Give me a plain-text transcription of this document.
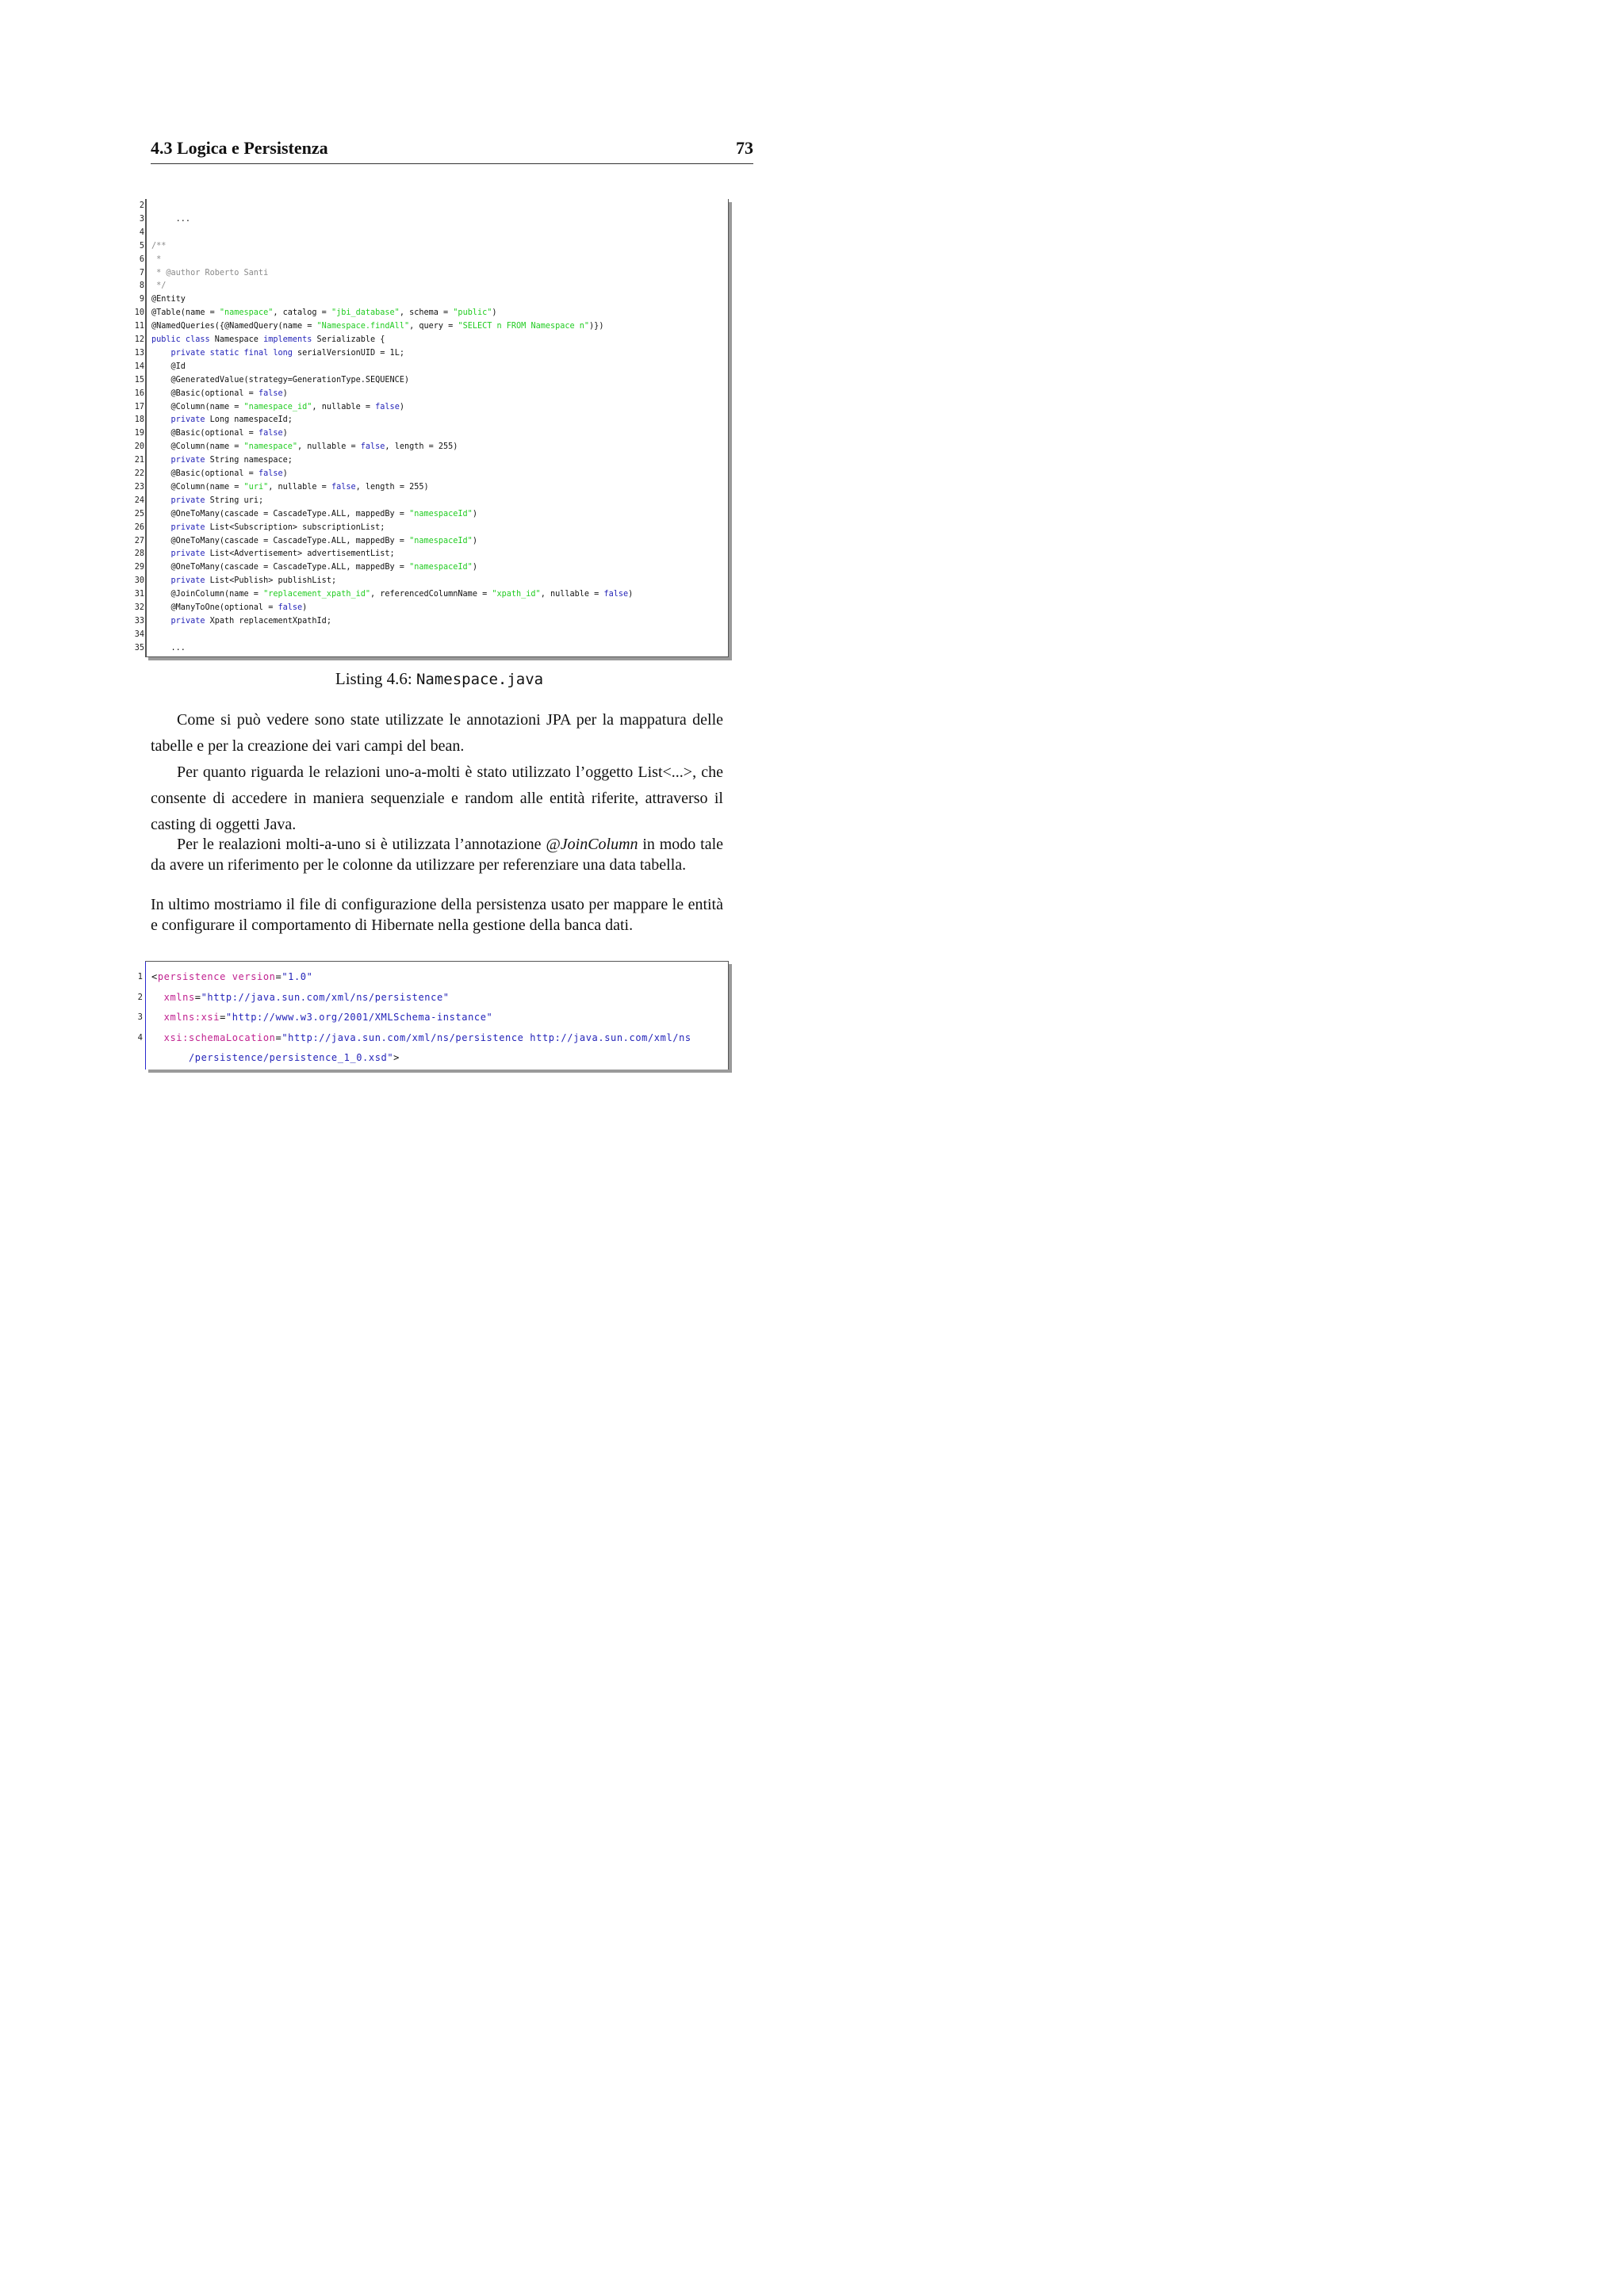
4.3 Logica e Persistenza	73
2
3 ...
4
5 /**
6 *
7 * @author Roberto Santi
8 */
9 @Entity
10 @Table(name = "namespace", catalog = "jbi_database", schema = "public")
11 @NamedQueries({@NamedQuery(name = "Namespace.findAll", query = "SELECT n FROM Namespace n")})
12 public class Namespace implements Serializable {
13	private static final long serialVersionUID = 1L;
14 @Id
15 @GeneratedValue(strategy=GenerationType.SEQUENCE)
16 @Basic(optional = false)
17 @Column(name = "namespace_id", nullable = false)
18	private Long namespaceId;
19 @Basic(optional = false)
20 @Column(name = "namespace", nullable = false, length = 255)
21	private String namespace;
22 @Basic(optional = false)
23 @Column(name = "uri", nullable = false, length = 255)
24	private String uri;
25 @OneToMany(cascade = CascadeType.ALL, mappedBy = "namespaceId")
26	private List<Subscription> subscriptionList;
27 @OneToMany(cascade = CascadeType.ALL, mappedBy = "namespaceId")
28	private List<Advertisement> advertisementList;
29 @OneToMany(cascade = CascadeType.ALL, mappedBy = "namespaceId")
30	private List<Publish> publishList;
31 @JoinColumn(name = "replacement_xpath_id", referencedColumnName = "xpath_id", nullable = false)
32 @ManyToOne(optional = false)
33	private Xpath replacementXpathId;
34
35 ...
Listing 4.6: Namespace.java
Come si può vedere sono state utilizzate le annotazioni JPA per la mappatura delle tabelle e per la creazione dei vari campi del bean.
Per quanto riguarda le relazioni uno-a-molti è stato utilizzato l’oggetto List<...>, che consente di accedere in maniera sequenziale e random alle entità riferite, attraverso il casting di oggetti Java.
Per le realazioni molti-a-uno si è utilizzata l’annotazione @JoinColumn in modo tale da avere un riferimento per le colonne da utilizzare per referenziare una data tabella.
In ultimo mostriamo il file di configurazione della persistenza usato per mappare le entità e configurare il comportamento di Hibernate nella gestione della banca dati.
1 <persistence version="1.0"
2	xmlns="http://java.sun.com/xml/ns/persistence"
3	xmlns:xsi="http://www.w3.org/2001/XMLSchema-instance"
4	xsi:schemaLocation="http://java.sun.com/xml/ns/persistence http://java.sun.com/xml/ns
/persistence/persistence_1_0.xsd">
